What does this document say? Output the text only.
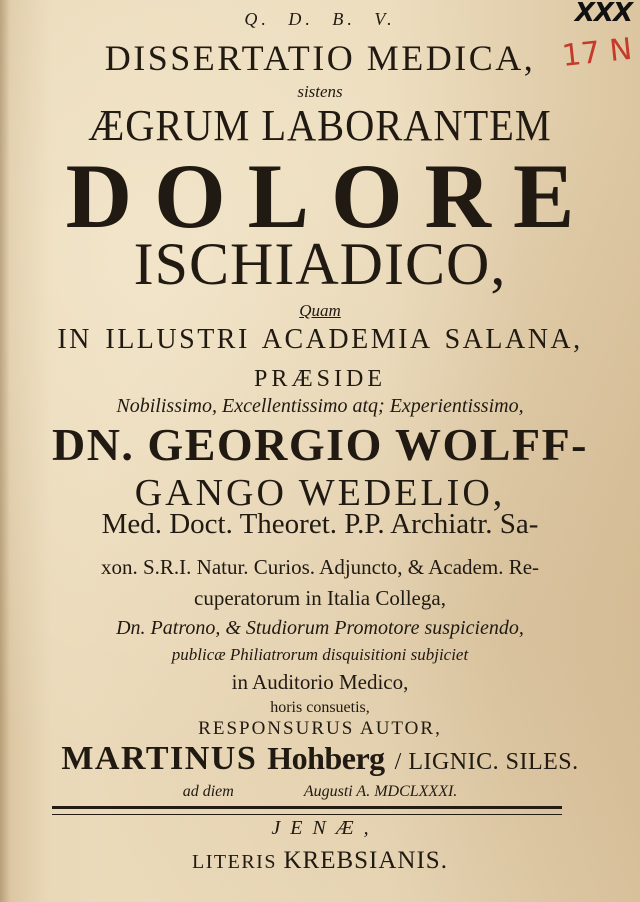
XXX
17 N
Q. D. B. V.
DISSERTATIO MEDICA,
sistens
ÆGRUM LABORANTEM
DOLORE
ISCHIADICO,
Quam
IN ILLUSTRI ACADEMIA SALANA,
PRÆSIDE
Nobilissimo, Excellentissimo atq; Experientissimo,
DN. GEORGIO WOLFF-
GANGO WEDELIO,
Med. Doct. Theoret. P.P. Archiatr. Sa-
xon. S.R.I. Natur. Curios. Adjuncto, & Academ. Re-
cuperatorum in Italia Collega,
Dn. Patrono, & Studiorum Promotore suspiciendo,
publicæ Philiatrorum disquisitioni subjiciet
in Auditorio Medico,
horis consuetis,
RESPONSURUS AUTOR,
MARTINUS Hohberg / LIGNIC. SILES.
ad diem	Augusti A. MDCLXXXI.
JENÆ,
LITERIS KREBSIANIS.
